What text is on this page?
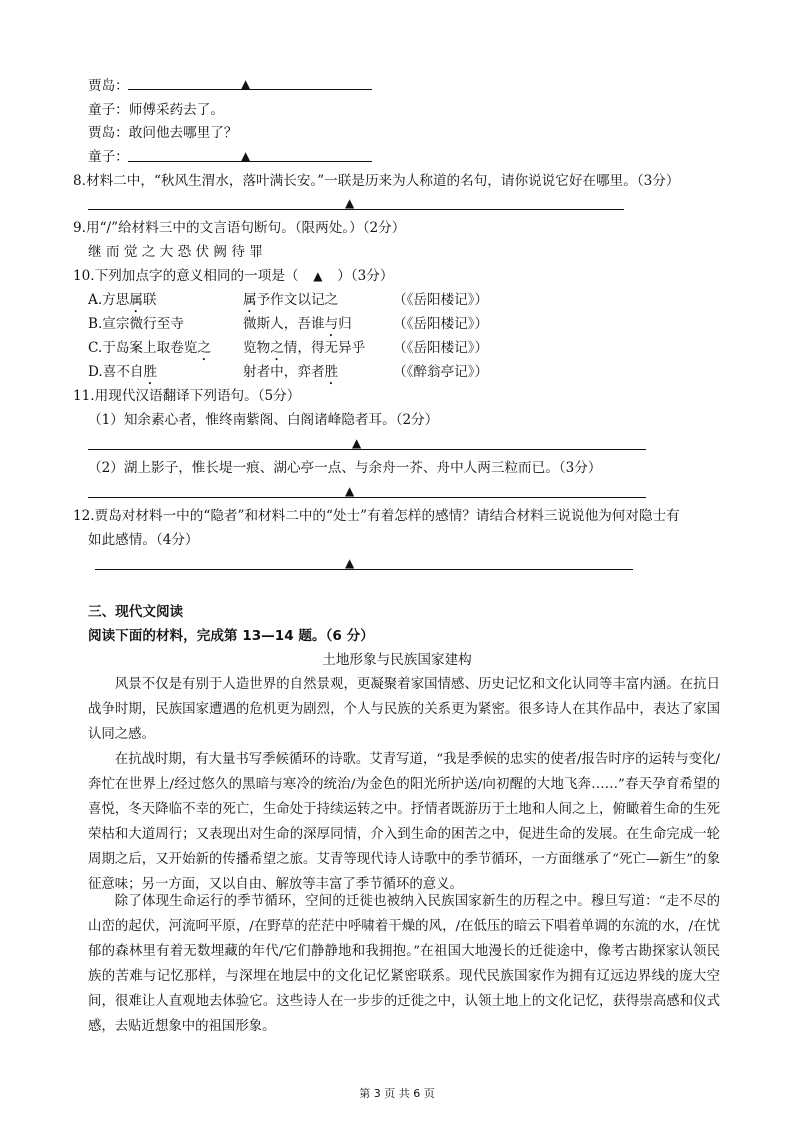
贾岛：	▲
童子：师傅采药去了。
贾岛：敢问他去哪里了？
童子：	▲
8.材料二中，“秋风生渭水，落叶满长安。”一联是历来为人称道的名句，请你说说它好在哪里。（3分）
▲
9.用“/”给材料三中的文言语句断句。（限两处。）（2分）
继 而 觉 之 大 恐 伏 阙 待 罪
10.下列加点字的意义相同的一项是（ ▲ ）（3分）
A.方思属联	属予作文以记之	（《岳阳楼记》）
B.宣宗微行至寺	微斯人，吾谁与归	（《岳阳楼记》）
C.于岛案上取卷览之 览物之情，得无异乎 （《岳阳楼记》）
D.喜不自胜	射者中，弈者胜	（《醉翁亭记》）
11.用现代汉语翻译下列语句。（5分）
（1）知余素心者，惟终南紫阁、白阁诸峰隐者耳。（2分）
▲
（2）湖上影子，惟长堤一痕、湖心亭一点、与余舟一芥、舟中人两三粒而已。（3分）
▲
12.贾岛对材料一中的“隐者”和材料二中的“处士”有着怎样的感情？请结合材料三说说他为何对隐士有
如此感情。（4分）
▲
三、现代文阅读
阅读下面的材料，完成第 13—14 题。（6 分）
土地形象与民族国家建构
风景不仅是有别于人造世界的自然景观，更凝聚着家国情感、历史记忆和文化认同等丰富内涵。在抗日战争时期，民族国家遭遇的危机更为剧烈，个人与民族的关系更为紧密。很多诗人在其作品中，表达了家国认同之感。
在抗战时期，有大量书写季候循环的诗歌。艾青写道，“我是季候的忠实的使者/报告时序的运转与变化/奔忙在世界上/经过悠久的黑暗与寒冷的统治/为金色的阳光所护送/向初醒的大地飞奔……”春天孕育希望的喜悦，冬天降临不幸的死亡，生命处于持续运转之中。抒情者既游历于土地和人间之上，俯瞰着生命的生死荣枯和大道周行；又表现出对生命的深厚同情，介入到生命的困苦之中，促进生命的发展。在生命完成一轮周期之后，又开始新的传播希望之旅。艾青等现代诗人诗歌中的季节循环，一方面继承了“死亡—新生”的象征意味；另一方面，又以自由、解放等丰富了季节循环的意义。
除了体现生命运行的季节循环，空间的迁徙也被纳入民族国家新生的历程之中。穆旦写道：“走不尽的山峦的起伏，河流呵平原，/在野草的茫茫中呼啸着干燥的风，/在低压的暗云下唱着单调的东流的水，/在忧郁的森林里有着无数埋藏的年代/它们静静地和我拥抱。”在祖国大地漫长的迁徙途中，像考古勘探家认领民族的苦难与记忆那样，与深埋在地层中的文化记忆紧密联系。现代民族国家作为拥有辽远边界线的庞大空间，很难让人直观地去体验它。这些诗人在一步步的迁徙之中，认领土地上的文化记忆，获得崇高感和仪式感，去贴近想象中的祖国形象。
第 3 页 共 6 页
